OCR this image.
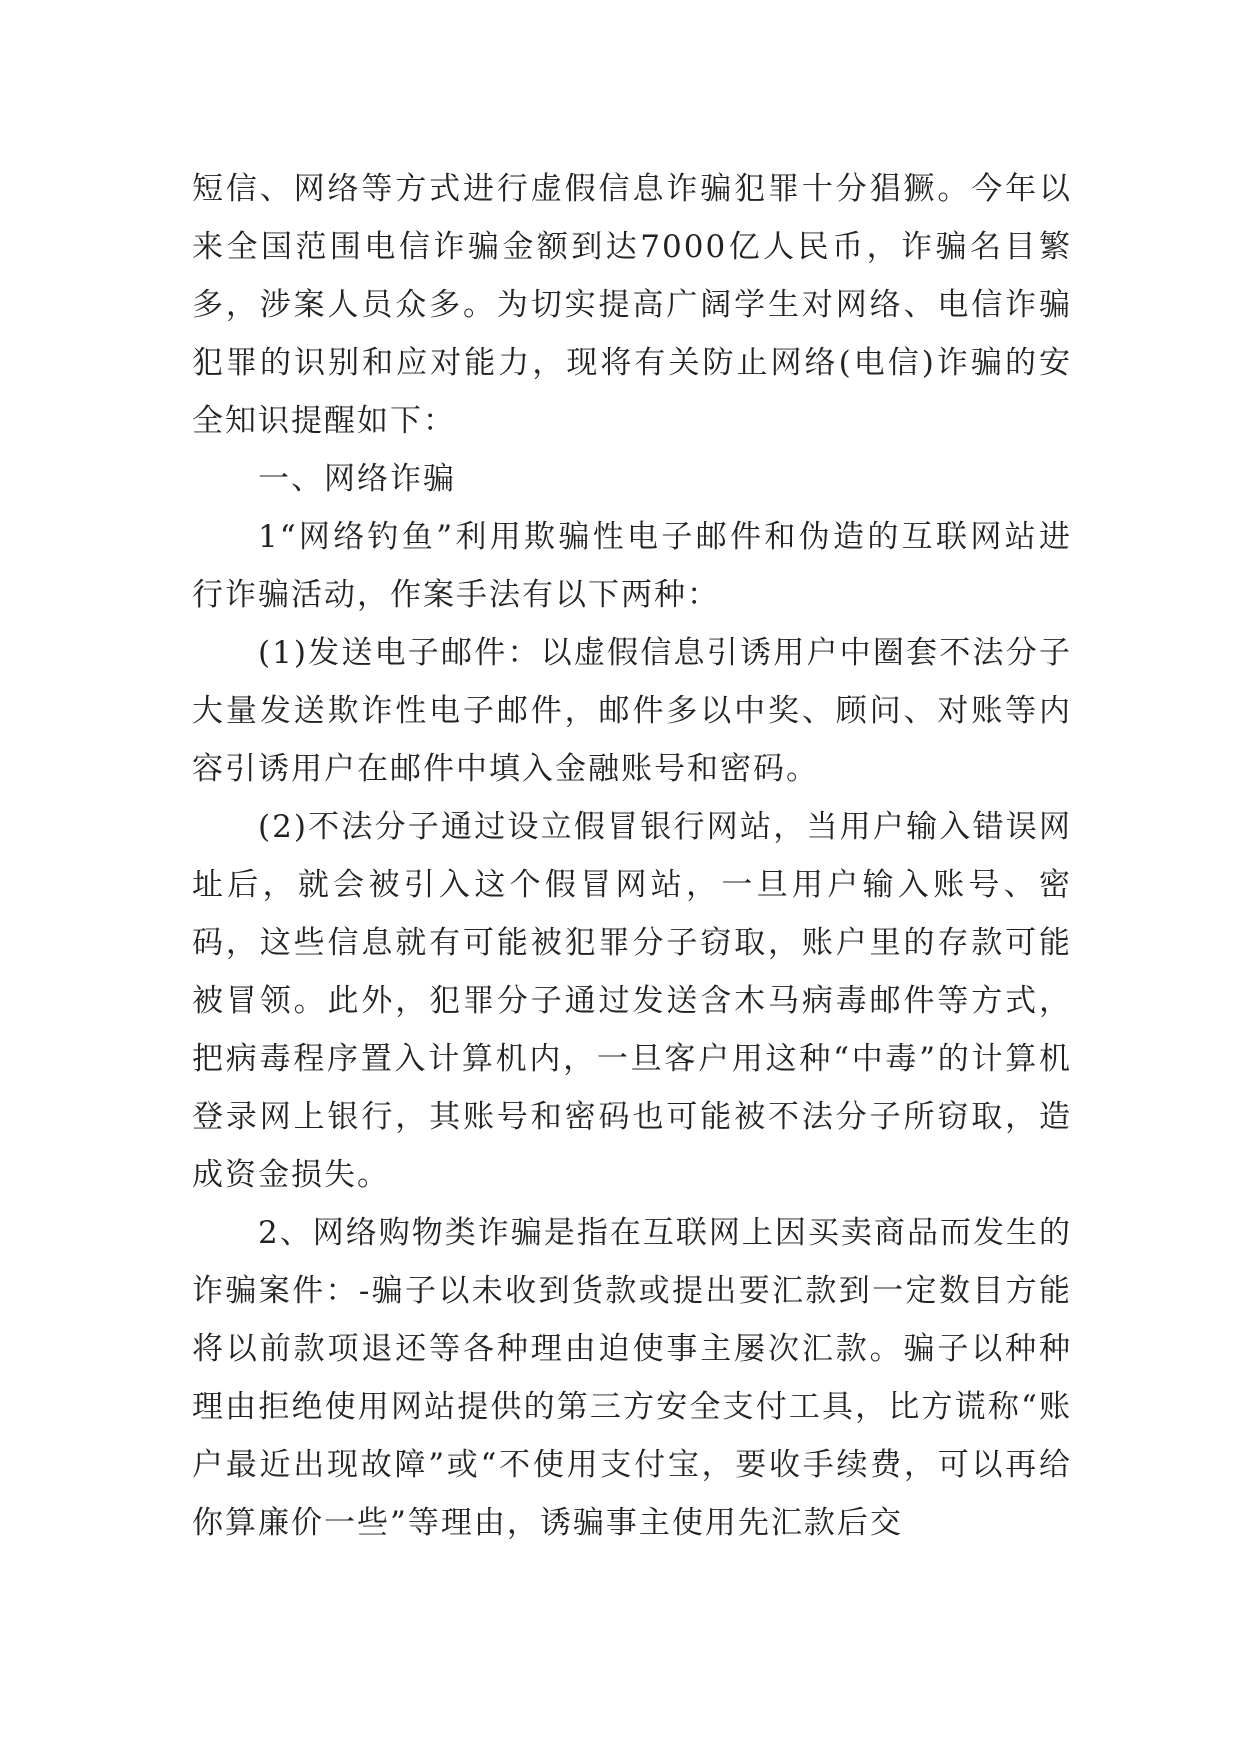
短信、网络等方式进行虚假信息诈骗犯罪十分猖獗。今年以来全国范围电信诈骗金额到达7000亿人民币，诈骗名目繁多，涉案人员众多。为切实提高广阔学生对网络、电信诈骗犯罪的识别和应对能力，现将有关防止网络(电信)诈骗的安全知识提醒如下：

一、网络诈骗

1“网络钓鱼”利用欺骗性电子邮件和伪造的互联网站进行诈骗活动，作案手法有以下两种：

(1)发送电子邮件：以虚假信息引诱用户中圈套不法分子大量发送欺诈性电子邮件，邮件多以中奖、顾问、对账等内容引诱用户在邮件中填入金融账号和密码。

(2)不法分子通过设立假冒银行网站，当用户输入错误网址后，就会被引入这个假冒网站，一旦用户输入账号、密码，这些信息就有可能被犯罪分子窃取，账户里的存款可能被冒领。此外，犯罪分子通过发送含木马病毒邮件等方式，把病毒程序置入计算机内，一旦客户用这种“中毒”的计算机登录网上银行，其账号和密码也可能被不法分子所窃取，造成资金损失。

2、网络购物类诈骗是指在互联网上因买卖商品而发生的诈骗案件：-骗子以未收到货款或提出要汇款到一定数目方能将以前款项退还等各种理由迫使事主屡次汇款。骗子以种种理由拒绝使用网站提供的第三方安全支付工具，比方谎称“账户最近出现故障”或“不使用支付宝，要收手续费，可以再给你算廉价一些”等理由，诱骗事主使用先汇款后交
